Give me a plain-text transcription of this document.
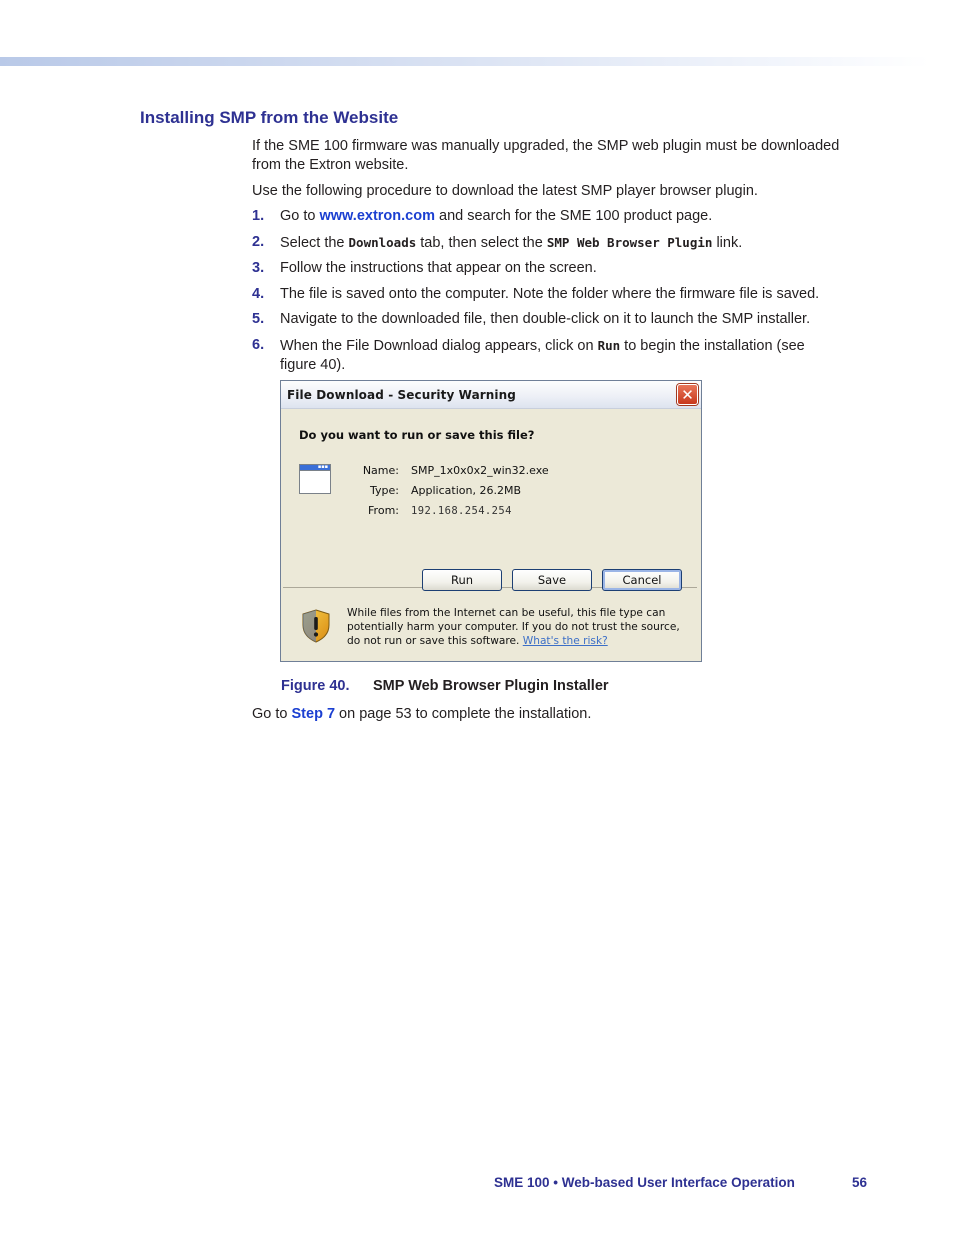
Installing SMP from the Website

If the SME 100 firmware was manually upgraded, the SMP web plugin must be downloaded from the Extron website.

Use the following procedure to download the latest SMP player browser plugin.

1. Go to www.extron.com and search for the SME 100 product page.
2. Select the Downloads tab, then select the SMP Web Browser Plugin link.
3. Follow the instructions that appear on the screen.
4. The file is saved onto the computer. Note the folder where the firmware file is saved.
5. Navigate to the downloaded file, then double-click on it to launch the SMP installer.
6. When the File Download dialog appears, click on Run to begin the installation (see figure 40).
File Download - Security Warning	✕
Do you want to run or save this file?
▪▪▪	Name: SMP_1x0x0x2_win32.exe
Type: Application, 26.2MB
From: 192.168.254.254
Run	Save	Cancel
While files from the Internet can be useful, this file type can potentially harm your computer. If you do not trust the source, do not run or save this software. What's the risk?
Figure 40. SMP Web Browser Plugin Installer

Go to Step 7 on page 53 to complete the installation.

SME 100 • Web-based User Interface Operation	56
